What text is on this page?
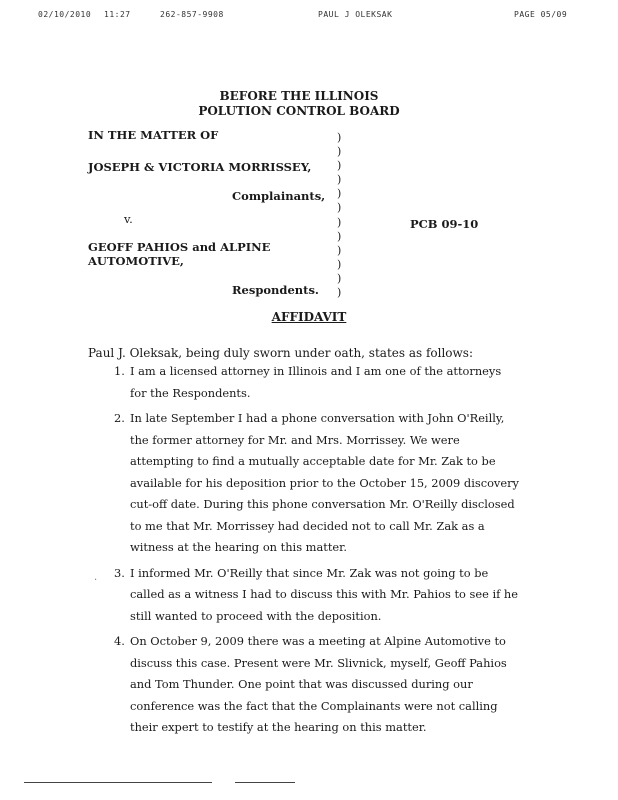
02/10/2010 11:27	262-857-9908	PAUL J OLEKSAK	PAGE 05/09
BEFORE THE ILLINOIS
POLUTION CONTROL BOARD
IN THE MATTER OF
JOSEPH & VICTORIA MORRISSEY,
Complainants,
v.
GEOFF PAHIOS and ALPINE
AUTOMOTIVE,
Respondents.
PCB 09-10
)
)
)
)
)
)
)
)
)
)
)
)
AFFIDAVIT
Paul J. Oleksak, being duly sworn under oath, states as follows:
1. I am a licensed attorney in Illinois and I am one of the attorneys for the Respondents.
2. In late September I had a phone conversation with John O'Reilly, the former attorney for Mr. and Mrs. Morrissey. We were attempting to find a mutually acceptable date for Mr. Zak to be available for his deposition prior to the October 15, 2009 discovery cut-off date. During this phone conversation Mr. O'Reilly disclosed to me that Mr. Morrissey had decided not to call Mr. Zak as a witness at the hearing on this matter.
3. I informed Mr. O'Reilly that since Mr. Zak was not going to be called as a witness I had to discuss this with Mr. Pahios to see if he still wanted to proceed with the deposition.
4. On October 9, 2009 there was a meeting at Alpine Automotive to discuss this case. Present were Mr. Slivnick, myself, Geoff Pahios and Tom Thunder. One point that was discussed during our conference was the fact that the Complainants were not calling their expert to testify at the hearing on this matter.
.
